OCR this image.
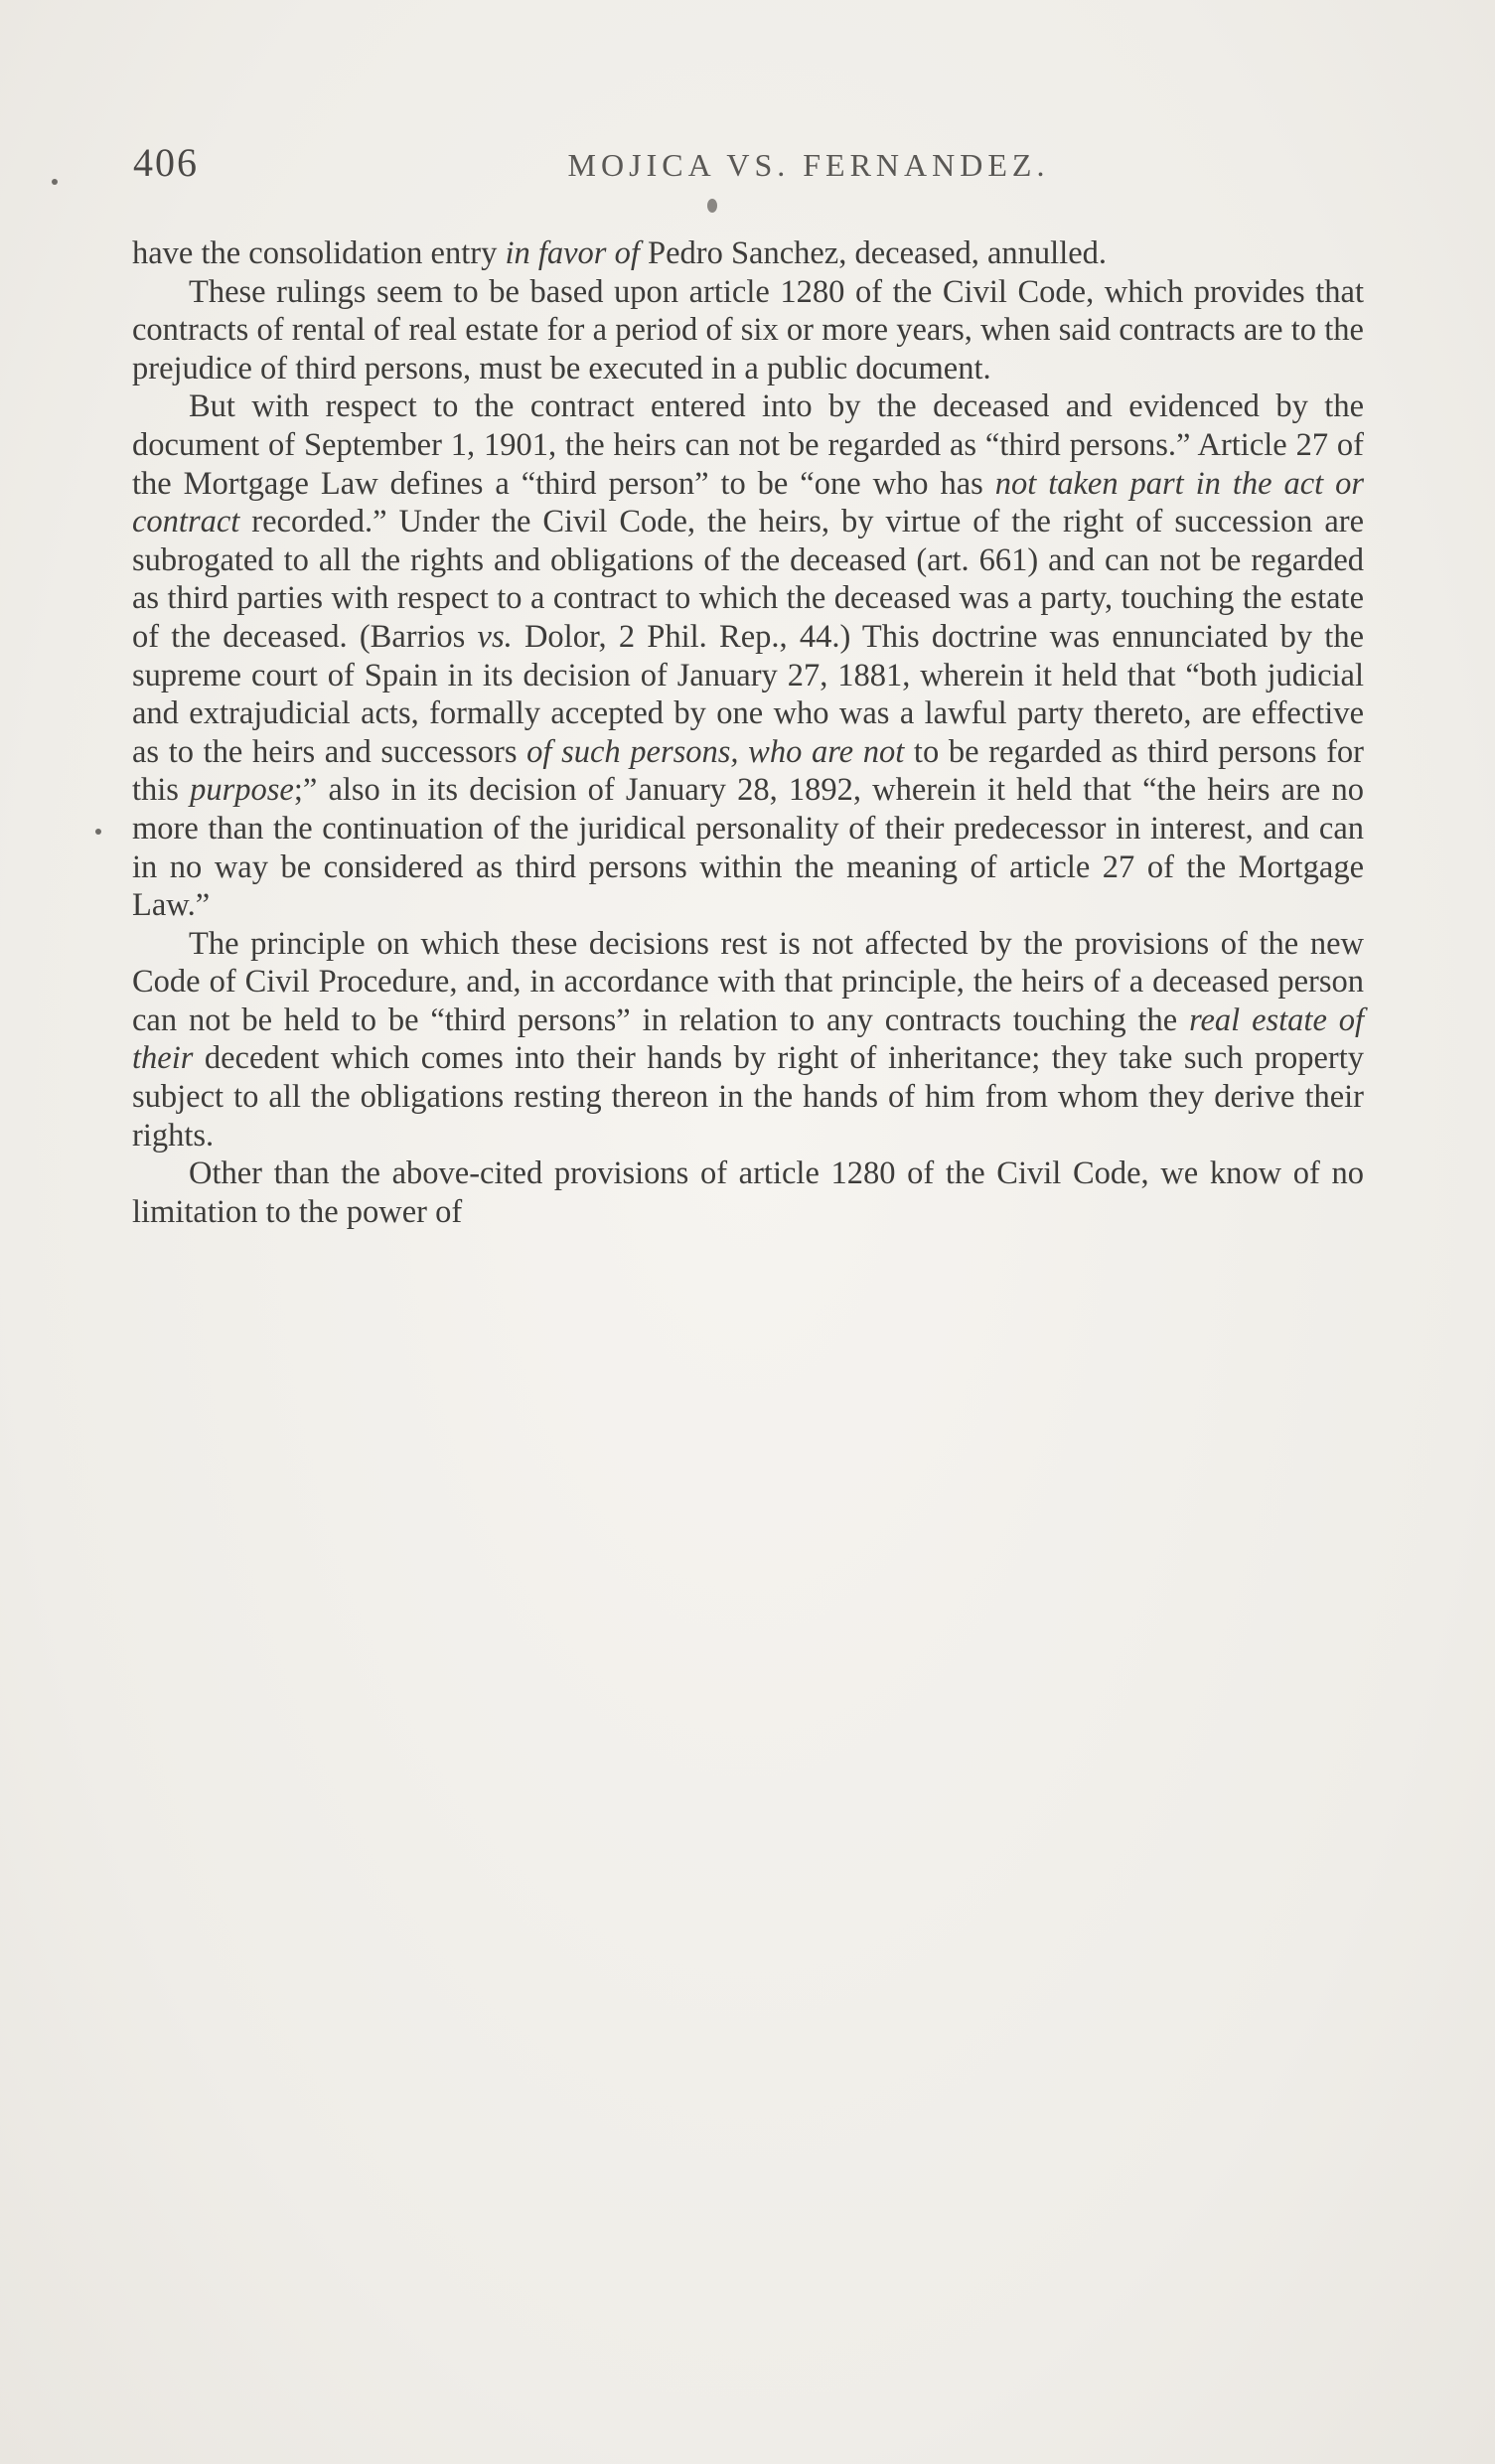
406	MOJICA VS. FERNANDEZ.

have the consolidation entry in favor of Pedro Sanchez, deceased, annulled.

These rulings seem to be based upon article 1280 of the Civil Code, which provides that contracts of rental of real estate for a period of six or more years, when said contracts are to the prejudice of third persons, must be executed in a public document.

But with respect to the contract entered into by the deceased and evidenced by the document of September 1, 1901, the heirs can not be regarded as “third persons.” Article 27 of the Mortgage Law defines a “third person” to be “one who has not taken part in the act or contract recorded.” Under the Civil Code, the heirs, by virtue of the right of succession are subrogated to all the rights and obligations of the deceased (art. 661) and can not be regarded as third parties with respect to a contract to which the deceased was a party, touching the estate of the deceased. (Barrios vs. Dolor, 2 Phil. Rep., 44.) This doctrine was ennunciated by the supreme court of Spain in its decision of January 27, 1881, wherein it held that “both judicial and extrajudicial acts, formally accepted by one who was a lawful party thereto, are effective as to the heirs and successors of such persons, who are not to be regarded as third persons for this purpose;” also in its decision of January 28, 1892, wherein it held that “the heirs are no more than the continuation of the juridical personality of their predecessor in interest, and can in no way be considered as third persons within the meaning of article 27 of the Mortgage Law.”

The principle on which these decisions rest is not affected by the provisions of the new Code of Civil Procedure, and, in accordance with that principle, the heirs of a deceased person can not be held to be “third persons” in relation to any contracts touching the real estate of their decedent which comes into their hands by right of inheritance; they take such property subject to all the obligations resting thereon in the hands of him from whom they derive their rights.

Other than the above-cited provisions of article 1280 of the Civil Code, we know of no limitation to the power of
